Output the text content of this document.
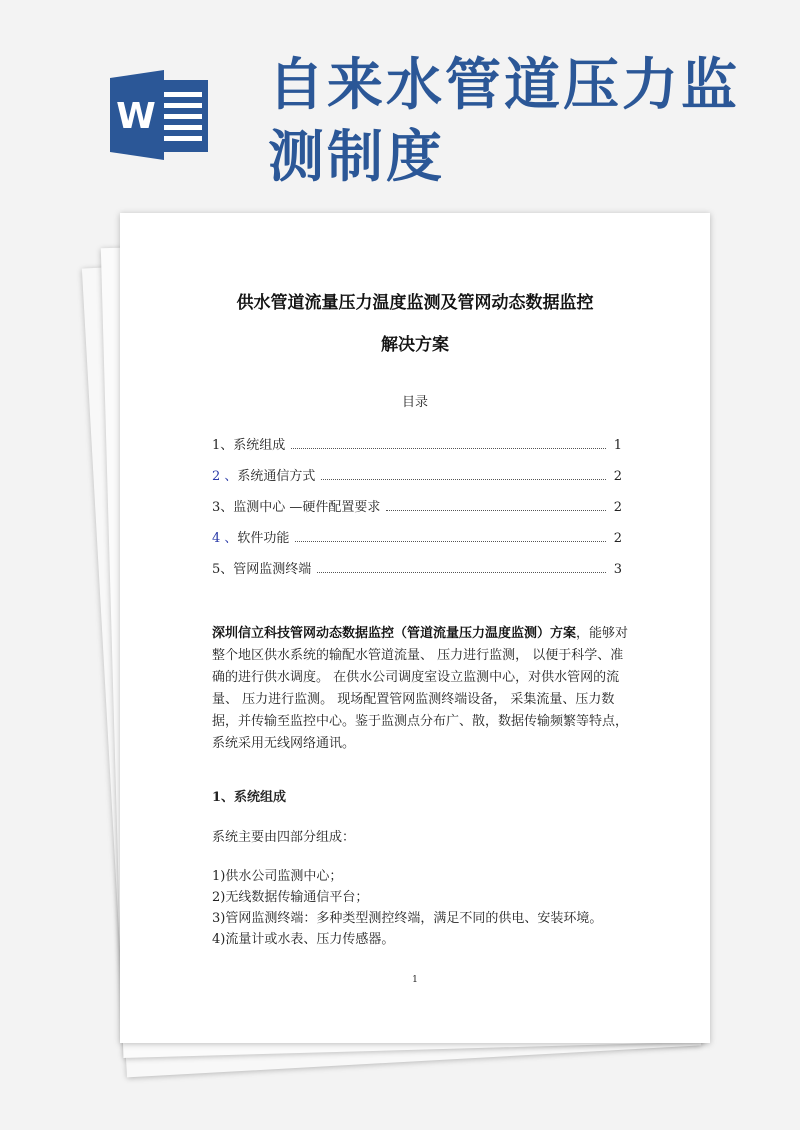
W 自来水管道压力监测制度
供水管道流量压力温度监测及管网动态数据监控
解决方案
目录
1、 系统组成	1
2 、 系统通信方式	2
3、 监测中心 —硬件配置要求	2
4 、 软件功能	2
5、 管网监测终端	3

深圳信立科技管网动态数据监控（管道流量压力温度监测）方案，能够对整个地区供水系统的输配水管道流量、 压力进行监测， 以便于科学、准确的进行供水调度。 在供水公司调度室设立监测中心，对供水管网的流量、 压力进行监测。 现场配置管网监测终端设备， 采集流量、压力数据，并传输至监控中心。鉴于监测点分布广、散，数据传输频繁等特点，系统采用无线网络通讯。

1、系统组成

系统主要由四部分组成：

1)供水公司监测中心；
2)无线数据传输通信平台；
3)管网监测终端：多种类型测控终端，满足不同的供电、安装环境。
4)流量计或水表、压力传感器。
1
